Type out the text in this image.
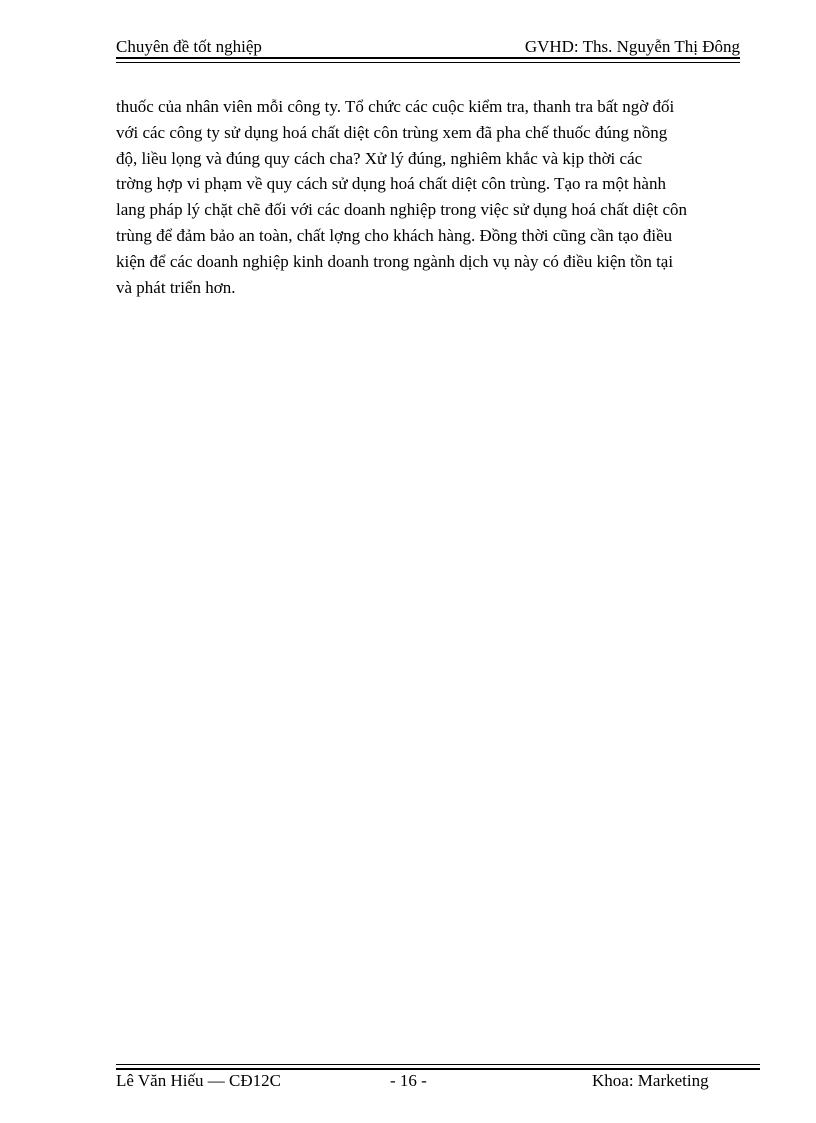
Chuyên đề tốt nghiệp	GVHD: Ths. Nguyễn Thị Đông

thuốc của nhân viên mỗi công ty. Tổ chức các cuộc kiểm tra, thanh tra bất ngờ đối
với các công ty sử dụng hoá chất diệt côn trùng xem đã pha chế thuốc đúng nồng
độ, liều lọng và đúng quy cách cha? Xử lý đúng, nghiêm khắc và kịp thời các
trờng hợp vi phạm về quy cách sử dụng hoá chất diệt côn trùng. Tạo ra một hành
lang pháp lý chặt chẽ đối với các doanh nghiệp trong việc sử dụng hoá chất diệt côn
trùng để đảm bảo an toàn, chất lợng cho khách hàng. Đồng thời cũng cần tạo điều
kiện để các doanh nghiệp kinh doanh trong ngành dịch vụ này có điều kiện tồn tại
và phát triển hơn.

Lê Văn Hiếu — CĐ12C	- 16 -	Khoa: Marketing
